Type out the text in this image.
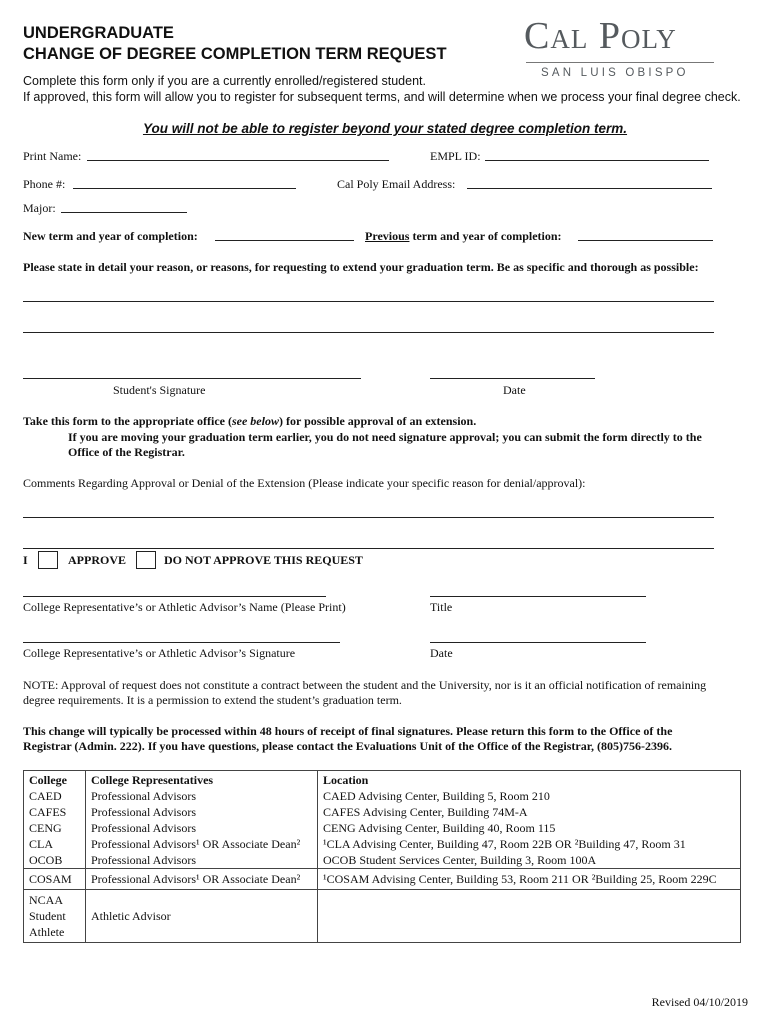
UNDERGRADUATE
CHANGE OF DEGREE COMPLETION TERM REQUEST Cal Poly
SAN LUIS OBISPO
Complete this form only if you are a currently enrolled/registered student.
If approved, this form will allow you to register for subsequent terms, and will determine when we process your final degree check.
You will not be able to register beyond your stated degree completion term.
Print Name:	EMPL ID:
Phone #:	Cal Poly Email Address:
Major:
New term and year of completion:	Previous term and year of completion:
Please state in detail your reason, or reasons, for requesting to extend your graduation term. Be as specific and thorough as possible:
Student's Signature	Date
Take this form to the appropriate office (see below) for possible approval of an extension.
If you are moving your graduation term earlier, you do not need signature approval; you can submit the form directly to the
Office of the Registrar.
Comments Regarding Approval or Denial of the Extension (Please indicate your specific reason for denial/approval):
I	APPROVE	DO NOT APPROVE THIS REQUEST
College Representative’s or Athletic Advisor’s Name (Please Print)	Title
College Representative’s or Athletic Advisor’s Signature	Date
NOTE: Approval of request does not constitute a contract between the student and the University, nor is it an official notification of remaining
degree requirements. It is a permission to extend the student’s graduation term.
This change will typically be processed within 48 hours of receipt of final signatures. Please return this form to the Office of the
Registrar (Admin. 222). If you have questions, please contact the Evaluations Unit of the Office of the Registrar, (805)756-2396.
College	College Representatives	Location
CAED	Professional Advisors	CAED Advising Center, Building 5, Room 210
CAFES	Professional Advisors	CAFES Advising Center, Building 74M-A
CENG	Professional Advisors	CENG Advising Center, Building 40, Room 115
CLA	Professional Advisors¹ OR Associate Dean²	¹CLA Advising Center, Building 47, Room 22B OR ²Building 47, Room 31
OCOB	Professional Advisors	OCOB Student Services Center, Building 3, Room 100A
COSAM	Professional Advisors¹ OR Associate Dean²	¹COSAM Advising Center, Building 53, Room 211 OR ²Building 25, Room 229C

NCAA
Student
Athlete	Athletic Advisor	
Revised 04/10/2019
